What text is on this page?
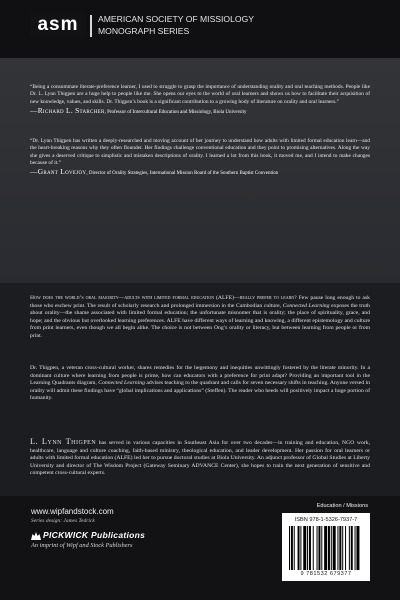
asm	AMERICAN SOCIETY OF MISSIOLOGY
MONOGRAPH SERIES
“Being a consummate literate-preference learner, I used to struggle to grasp the importance of understanding orality and oral teaching methods. People like Dr. L. Lynn Thigpen are a huge help to people like me. She opens our eyes to the world of oral learners and shows us how to facilitate their acquisition of new knowledge, values, and skills. Dr. Thigpen’s book is a significant contribution to a growing body of literature on orality and oral learners.”
—Richard L. Starcher, Professor of Intercultural Education and Missiology, Biola University
“Dr. Lynn Thigpen has written a deeply-researched and moving account of her journey to understand how adults with limited formal education learn—and the heart-breaking reasons why they often flounder. Her findings challenge conventional education and they point to promising alternatives. Along the way she gives a deserved critique to simplistic and mistaken descriptions of orality. I learned a lot from this book, it moved me, and I intend to make changes because of it.”
—Grant Lovejoy, Director of Orality Strategies, International Mission Board of the Southern Baptist Convention
How does the world’s oral majority—adults with limited formal education (ALFE)—really prefer to learn? Few pause long enough to ask those who eschew print. The result of scholarly research and prolonged immersion in the Cambodian culture, Connected Learning exposes the truth about orality—the shame associated with limited formal education; the unfortunate misnomer that is orality; the place of spirituality, grace, and hope; and the obvious but overlooked learning preferences. ALFE have different ways of learning and knowing, a different epistemology and culture from print learners, even though we all begin alike. The choice is not between Ong’s orality or literacy, but between learning from people or from print.
Dr. Thigpen, a veteran cross-cultural worker, shares remedies for the hegemony and inequities unwittingly fostered by the literate minority. In a dominant culture where learning from people is prime, how can educators with a preference for print adapt? Providing an important tool in the Learning Quadrants diagram, Connected Learning advises teaching to the quadrant and calls for seven necessary shifts in teaching. Anyone versed in orality will admit these findings have “global implications and applications” (Steffen). The reader who heeds will positively impact a huge portion of humanity.
L. Lynn Thigpen has served in various capacities in Southeast Asia for over two decades—in training and education, NGO work, healthcare, language and culture coaching, faith-based ministry, theological education, and leader development. Her passion for oral learners or adults with limited formal education (ALFE) led her to pursue doctoral studies at Biola University. An adjunct professor of Global Studies at Liberty University and director of The Wisdom Project (Gateway Seminary ADVANCE Center), she hopes to train the next generation of sensitive and competent cross-cultural experts.
www.wipfandstock.com
Series design: James Tedrick
PICKWICK Publications
An imprint of Wipf and Stock Publishers
Education / Missions
ISBN 978-1-5326-7937-7
9 781532 679377
